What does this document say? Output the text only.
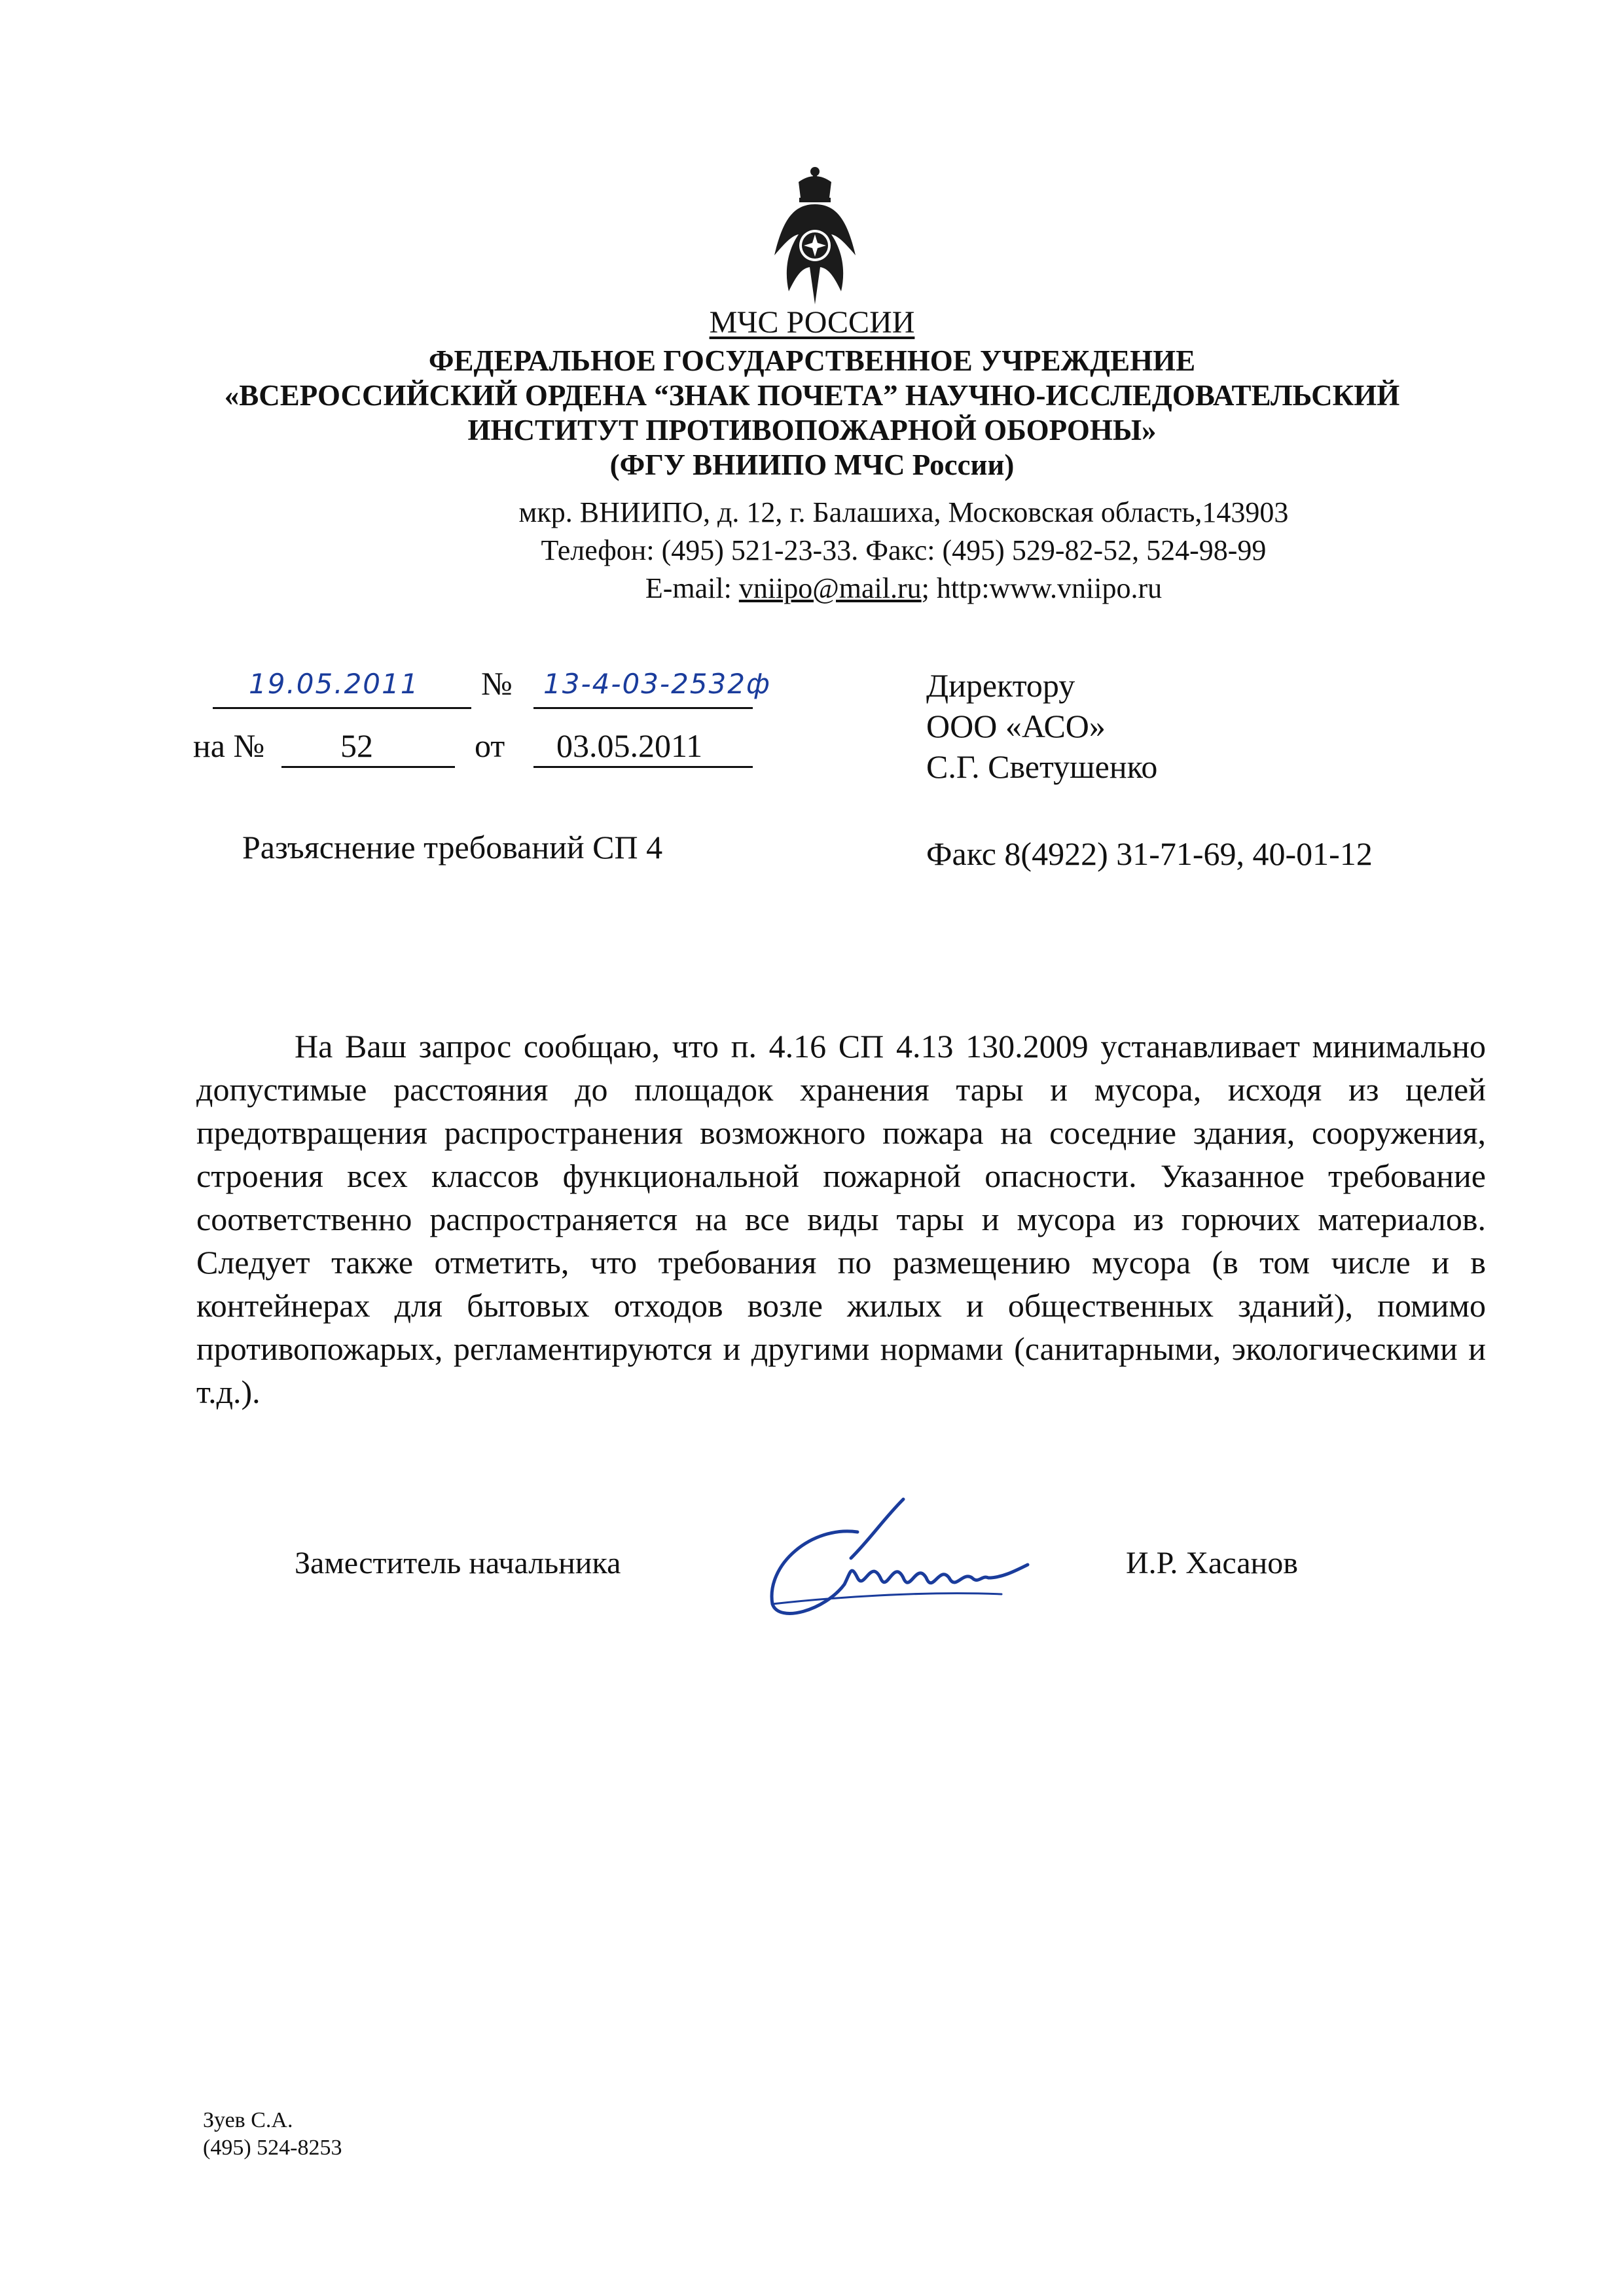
МЧС РОССИИ
ФЕДЕРАЛЬНОЕ ГОСУДАРСТВЕННОЕ УЧРЕЖДЕНИЕ
«ВСЕРОССИЙСКИЙ ОРДЕНА “ЗНАК ПОЧЕТА” НАУЧНО-ИССЛЕДОВАТЕЛЬСКИЙ
ИНСТИТУТ ПРОТИВОПОЖАРНОЙ ОБОРОНЫ»
(ФГУ ВНИИПО МЧС России)
мкр. ВНИИПО, д. 12, г. Балашиха, Московская область,143903
Телефон: (495) 521-23-33. Факс: (495) 529-82-52, 524-98-99
E-mail: vniipo@mail.ru; http:www.vniipo.ru
19.05.2011 № 13-4-03-2532ф
на № 52	от 03.05.2011
Директору
ООО «АСО»
С.Г. Светушенко
Разъяснение требований СП 4	Факс 8(4922) 31-71-69, 40-01-12
На Ваш запрос сообщаю, что п. 4.16 СП 4.13 130.2009 устанавливает минимально допустимые расстояния до площадок хранения тары и мусора, исходя из целей предотвращения распространения возможного пожара на соседние здания, сооружения, строения всех классов функциональной пожарной опасности. Указанное требование соответственно распространяется на все виды тары и мусора из горючих материалов. Следует также отметить, что требования по размещению мусора (в том числе и в контейнерах для бытовых отходов возле жилых и общественных зданий), помимо противопожарых, регламентируются и другими нормами (санитарными, экологическими и т.д.).
Заместитель начальника	И.Р. Хасанов
Зуев С.А.
(495) 524-8253
